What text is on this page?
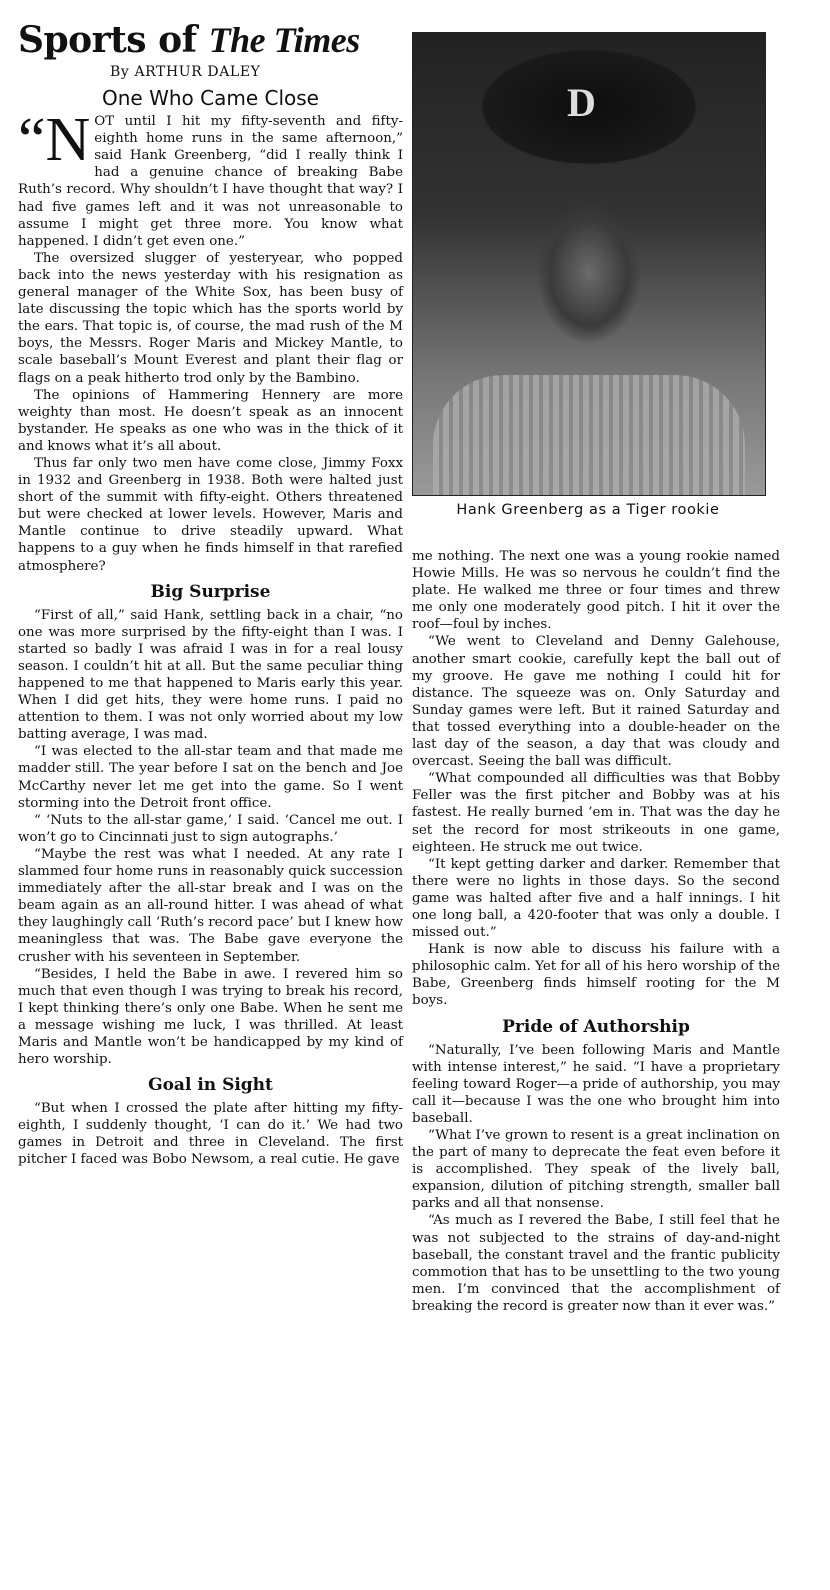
Sports of The Times
By ARTHUR DALEY
One Who Came Close

“NOT until I hit my fifty-seventh and fifty-eighth home runs in the same afternoon,” said Hank Greenberg, “did I really think I had a genuine chance of breaking Babe Ruth’s record. Why shouldn’t I have thought that way? I had five games left and it was not unreasonable to assume I might get three more. You know what happened. I didn’t get even one.”

The oversized slugger of yesteryear, who popped back into the news yesterday with his resignation as general manager of the White Sox, has been busy of late discussing the topic which has the sports world by the ears. That topic is, of course, the mad rush of the M boys, the Messrs. Roger Maris and Mickey Mantle, to scale baseball’s Mount Everest and plant their flag or flags on a peak hitherto trod only by the Bambino.

The opinions of Hammering Hennery are more weighty than most. He doesn’t speak as an innocent bystander. He speaks as one who was in the thick of it and knows what it’s all about.

Thus far only two men have come close, Jimmy Foxx in 1932 and Greenberg in 1938. Both were halted just short of the summit with fifty-eight. Others threatened but were checked at lower levels. However, Maris and Mantle continue to drive steadily upward. What happens to a guy when he finds himself in that rarefied atmosphere?

Big Surprise

“First of all,” said Hank, settling back in a chair, “no one was more surprised by the fifty-eight than I was. I started so badly I was afraid I was in for a real lousy season. I couldn’t hit at all. But the same peculiar thing happened to me that happened to Maris early this year. When I did get hits, they were home runs. I paid no attention to them. I was not only worried about my low batting average, I was mad.

“I was elected to the all-star team and that made me madder still. The year before I sat on the bench and Joe McCarthy never let me get into the game. So I went storming into the Detroit front office.

“ ‘Nuts to the all-star game,’ I said. ‘Cancel me out. I won’t go to Cincinnati just to sign autographs.’

“Maybe the rest was what I needed. At any rate I slammed four home runs in reasonably quick succession immediately after the all-star break and I was on the beam again as an all-round hitter. I was ahead of what they laughingly call ‘Ruth’s record pace’ but I knew how meaningless that was. The Babe gave everyone the crusher with his seventeen in September.

“Besides, I held the Babe in awe. I revered him so much that even though I was trying to break his record, I kept thinking there’s only one Babe. When he sent me a message wishing me luck, I was thrilled. At least Maris and Mantle won’t be handicapped by my kind of hero worship.

Goal in Sight

“But when I crossed the plate after hitting my fifty-eighth, I suddenly thought, ‘I can do it.’ We had two games in Detroit and three in Cleveland. The first pitcher I faced was Bobo Newsom, a real cutie. He gave

D
Hank Greenberg as a Tiger rookie

me nothing. The next one was a young rookie named Howie Mills. He was so nervous he couldn’t find the plate. He walked me three or four times and threw me only one moderately good pitch. I hit it over the roof—foul by inches.

“We went to Cleveland and Denny Galehouse, another smart cookie, carefully kept the ball out of my groove. He gave me nothing I could hit for distance. The squeeze was on. Only Saturday and Sunday games were left. But it rained Saturday and that tossed everything into a double-header on the last day of the season, a day that was cloudy and overcast. Seeing the ball was difficult.

“What compounded all difficulties was that Bobby Feller was the first pitcher and Bobby was at his fastest. He really burned ’em in. That was the day he set the record for most strikeouts in one game, eighteen. He struck me out twice.

“It kept getting darker and darker. Remember that there were no lights in those days. So the second game was halted after five and a half innings. I hit one long ball, a 420-footer that was only a double. I missed out.”

Hank is now able to discuss his failure with a philosophic calm. Yet for all of his hero worship of the Babe, Greenberg finds himself rooting for the M boys.

Pride of Authorship

“Naturally, I’ve been following Maris and Mantle with intense interest,” he said. “I have a proprietary feeling toward Roger—a pride of authorship, you may call it—because I was the one who brought him into baseball.

“What I’ve grown to resent is a great inclination on the part of many to deprecate the feat even before it is accomplished. They speak of the lively ball, expansion, dilution of pitching strength, smaller ball parks and all that nonsense.

“As much as I revered the Babe, I still feel that he was not subjected to the strains of day-and-night baseball, the constant travel and the frantic publicity commotion that has to be unsettling to the two young men. I’m convinced that the accomplishment of breaking the record is greater now than it ever was.”
